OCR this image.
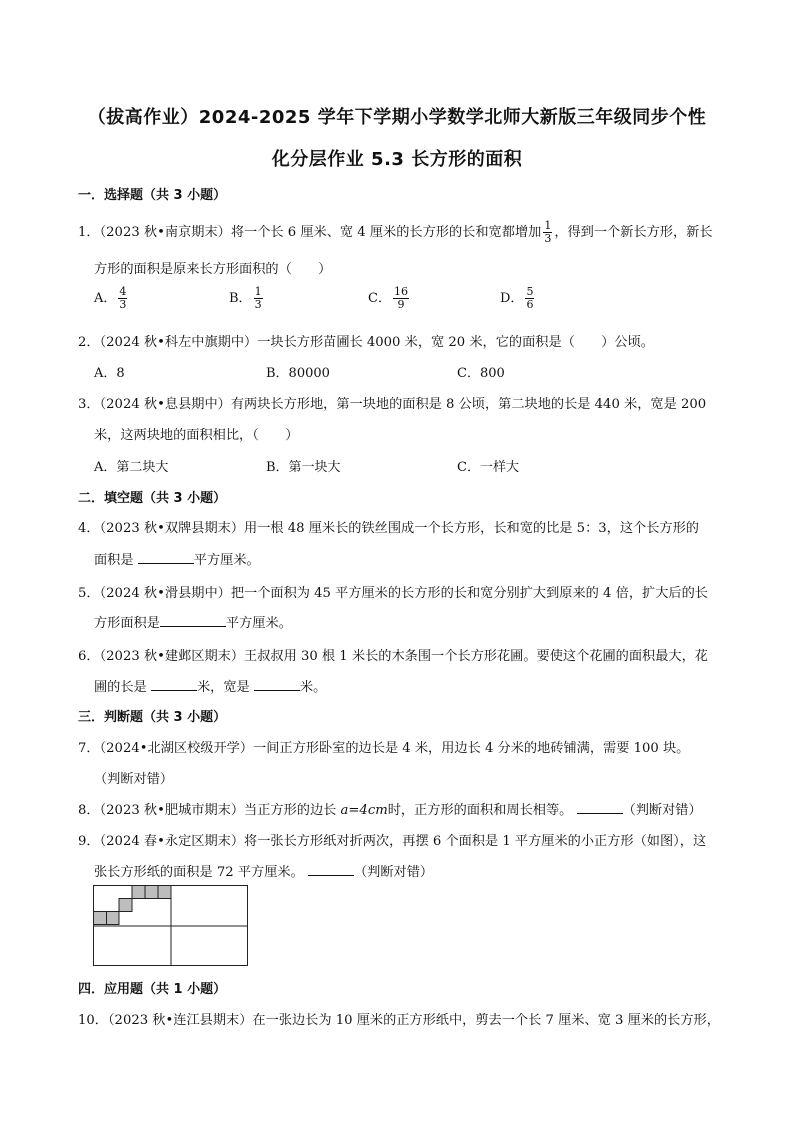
（拔高作业）2024-2025 学年下学期小学数学北师大新版三年级同步个性
化分层作业 5.3 长方形的面积
一．选择题（共 3 小题）
1．（2023 秋•南京期末）将一个长 6 厘米、宽 4 厘米的长方形的长和宽都增加 $\frac{1}{3}$ ，得到一个新长方形，新长
方形的面积是原来长方形面积的（　　）
A． $\frac{4}{3}$	B． $\frac{1}{3}$	C． $\frac{16}{9}$	D． $\frac{5}{6}$
2．（2024 秋•科左中旗期中）一块长方形苗圃长 4000 米，宽 20 米，它的面积是（　　）公顷。
A．8	B．80000	C．800
3．（2024 秋•息县期中）有两块长方形地，第一块地的面积是 8 公顷，第二块地的长是 440 米，宽是 200
米，这两块地的面积相比，（　　）
A．第二块大	B．第一块大	C．一样大
二．填空题（共 3 小题）
4．（2023 秋•双牌县期末）用一根 48 厘米长的铁丝围成一个长方形，长和宽的比是 5：3，这个长方形的
面积是	平方厘米。
5．（2024 秋•滑县期中）把一个面积为 45 平方厘米的长方形的长和宽分别扩大到原来的 4 倍，扩大后的长
方形面积是	平方厘米。
6．（2023 秋•建邺区期末）王叔叔用 30 根 1 米长的木条围一个长方形花圃。要使这个花圃的面积最大，花
圃的长是	米，宽是	米。
三．判断题（共 3 小题）
7．（2024•北湖区校级开学）一间正方形卧室的边长是 4 米，用边长 4 分米的地砖铺满，需要 100 块。
（判断对错）
8．（2023 秋•肥城市期末）当正方形的边长 a=4cm时，正方形的面积和周长相等。	（判断对错）
9．（2024 春•永定区期末）将一张长方形纸对折两次，再摆 6 个面积是 1 平方厘米的小正方形（如图），这
张长方形纸的面积是 72 平方厘米。	（判断对错）
四．应用题（共 1 小题）
10．（2023 秋•连江县期末）在一张边长为 10 厘米的正方形纸中，剪去一个长 7 厘米、宽 3 厘米的长方形，
